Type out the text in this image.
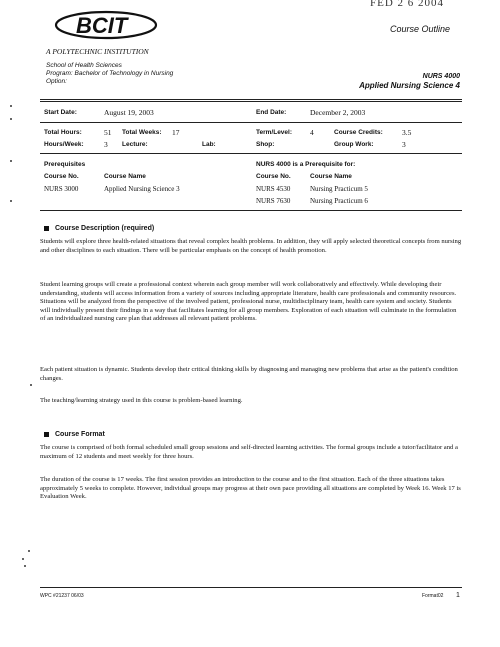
FED 2 6 2004
BCIT
A POLYTECHNIC INSTITUTION
Course Outline
School of Health Sciences
Program: Bachelor of Technology in Nursing
Option:
NURS 4000
Applied Nursing Science 4
Start Date:	August 19, 2003	End Date:	December 2, 2003
Total Hours:	51 Total Weeks: 17	Term/Level: 4	Course Credits:	3.5
Hours/Week:	3 Lecture:	Lab:	Shop:	Group Work:	3
Prerequisites
Course No.	Course Name
NURS 3000	Applied Nursing Science 3
NURS 4000 is a Prerequisite for:
Course No.	Course Name
NURS 4530	Nursing Practicum 5
NURS 7630	Nursing Practicum 6
Course Description (required)
Students will explore three health-related situations that reveal complex health problems. In addition, they will apply selected theoretical concepts from nursing and other disciplines to each situation. There will be particular emphasis on the concept of health promotion.
Student learning groups will create a professional context wherein each group member will work collaboratively and effectively. While developing their understanding, students will access information from a variety of sources including appropriate literature, health care professionals and community resources. Situations will be analyzed from the perspective of the involved patient, professional nurse, multidisciplinary team, health care system and society. Students will individually present their findings in a way that facilitates learning for all group members. Exploration of each situation will culminate in the formulation of an individualized nursing care plan that addresses all relevant patient problems.
Each patient situation is dynamic. Students develop their critical thinking skills by diagnosing and managing new problems that arise as the patient's condition changes.
The teaching/learning strategy used in this course is problem-based learning.
Course Format
The course is comprised of both formal scheduled small group sessions and self-directed learning activities. The formal groups include a tutor/facilitator and a maximum of 12 students and meet weekly for three hours.
The duration of the course is 17 weeks. The first session provides an introduction to the course and to the first situation. Each of the three situations takes approximately 5 weeks to complete. However, individual groups may progress at their own pace providing all situations are completed by Week 16. Week 17 is Evaluation Week.
WPC #21237 06/03	Format02 1
